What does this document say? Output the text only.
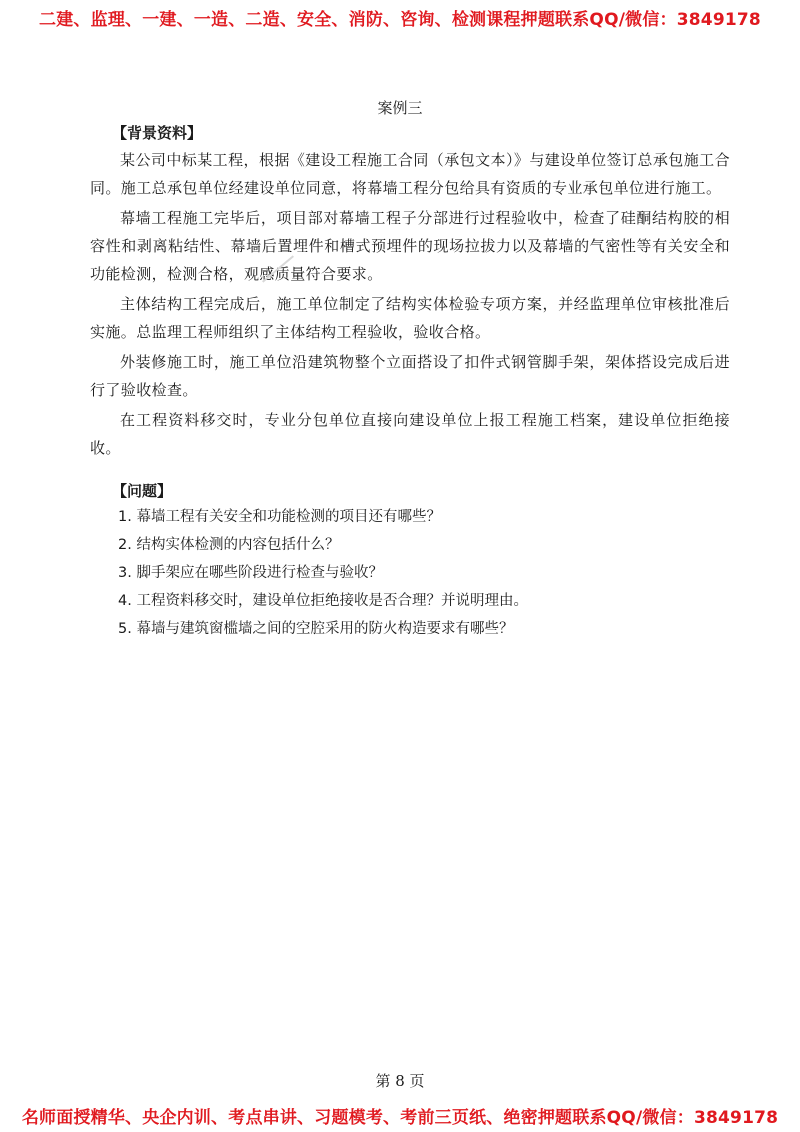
二建、监理、一建、一造、二造、安全、消防、咨询、检测课程押题联系QQ/微信：3849178
案例三
【背景资料】

某公司中标某工程，根据《建设工程施工合同（承包文本）》与建设单位签订总承包施工合同。施工总承包单位经建设单位同意，将幕墙工程分包给具有资质的专业承包单位进行施工。

幕墙工程施工完毕后，项目部对幕墙工程子分部进行过程验收中，检查了硅酮结构胶的相容性和剥离粘结性、幕墙后置埋件和槽式预埋件的现场拉拔力以及幕墙的气密性等有关安全和功能检测，检测合格，观感质量符合要求。

主体结构工程完成后，施工单位制定了结构实体检验专项方案，并经监理单位审核批准后实施。总监理工程师组织了主体结构工程验收，验收合格。

外装修施工时，施工单位沿建筑物整个立面搭设了扣件式钢管脚手架，架体搭设完成后进行了验收检查。

在工程资料移交时，专业分包单位直接向建设单位上报工程施工档案，建设单位拒绝接收。

【问题】
1. 幕墙工程有关安全和功能检测的项目还有哪些？
2. 结构实体检测的内容包括什么？
3. 脚手架应在哪些阶段进行检查与验收？
4. 工程资料移交时，建设单位拒绝接收是否合理？并说明理由。
5. 幕墙与建筑窗槛墙之间的空腔采用的防火构造要求有哪些？
第 8 页
名师面授精华、央企内训、考点串讲、习题模考、考前三页纸、绝密押题联系QQ/微信：3849178
